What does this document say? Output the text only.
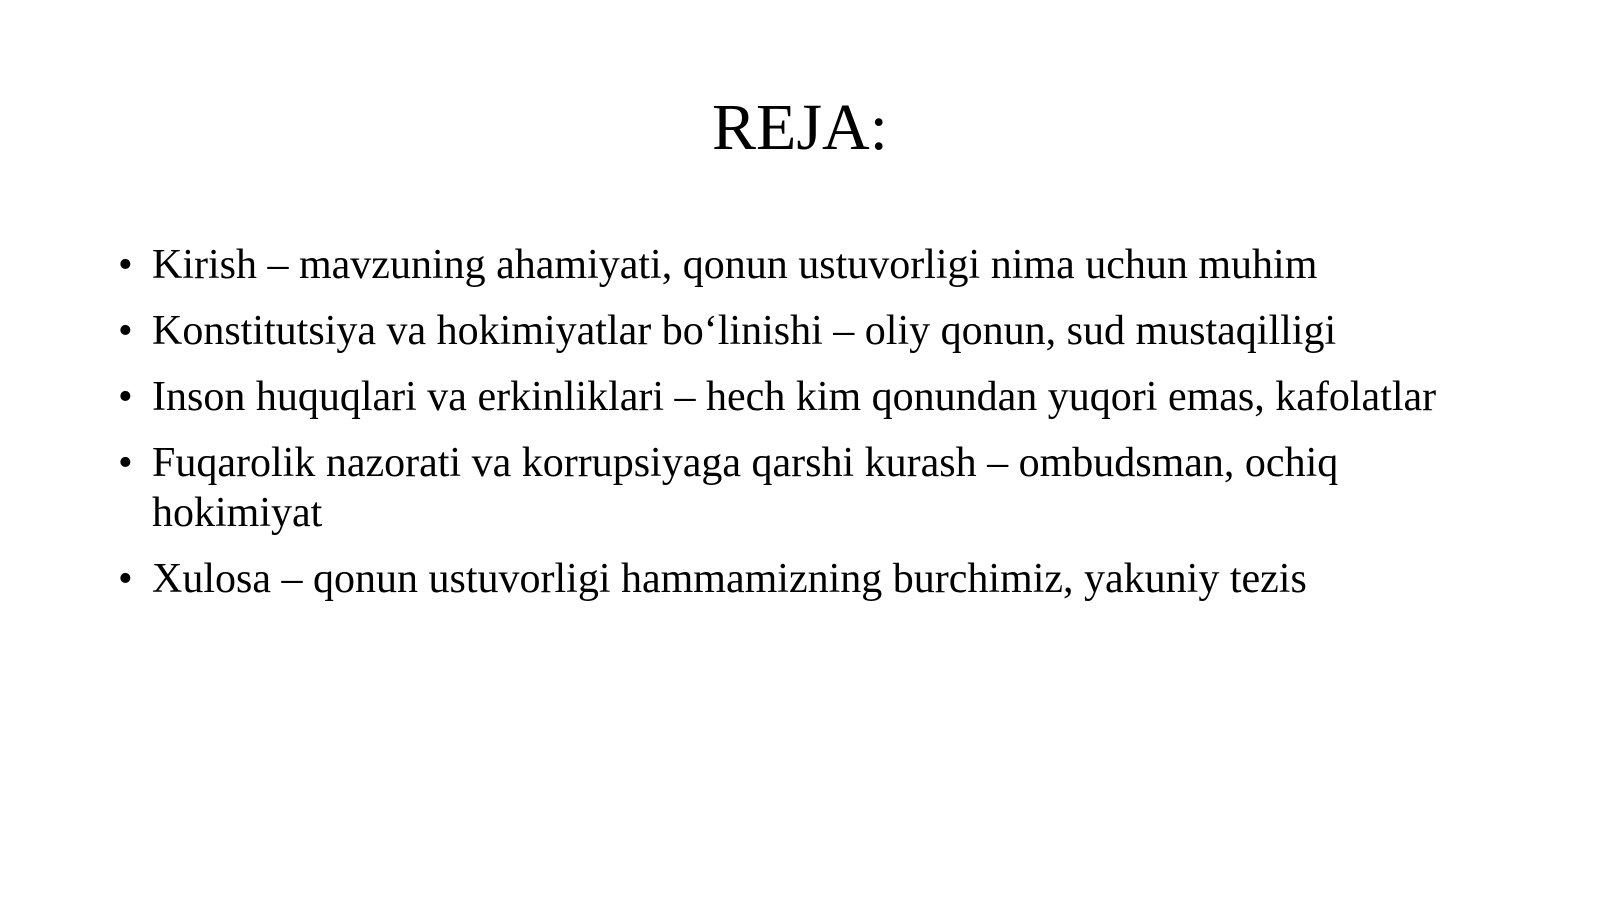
REJA:
• Kirish – mavzuning ahamiyati, qonun ustuvorligi nima uchun muhim
• Konstitutsiya va hokimiyatlar bo‘linishi – oliy qonun, sud mustaqilligi
• Inson huquqlari va erkinliklari – hech kim qonundan yuqori emas, kafolatlar
• Fuqarolik nazorati va korrupsiyaga qarshi kurash – ombudsman, ochiq hokimiyat
• Xulosa – qonun ustuvorligi hammamizning burchimiz, yakuniy tezis
